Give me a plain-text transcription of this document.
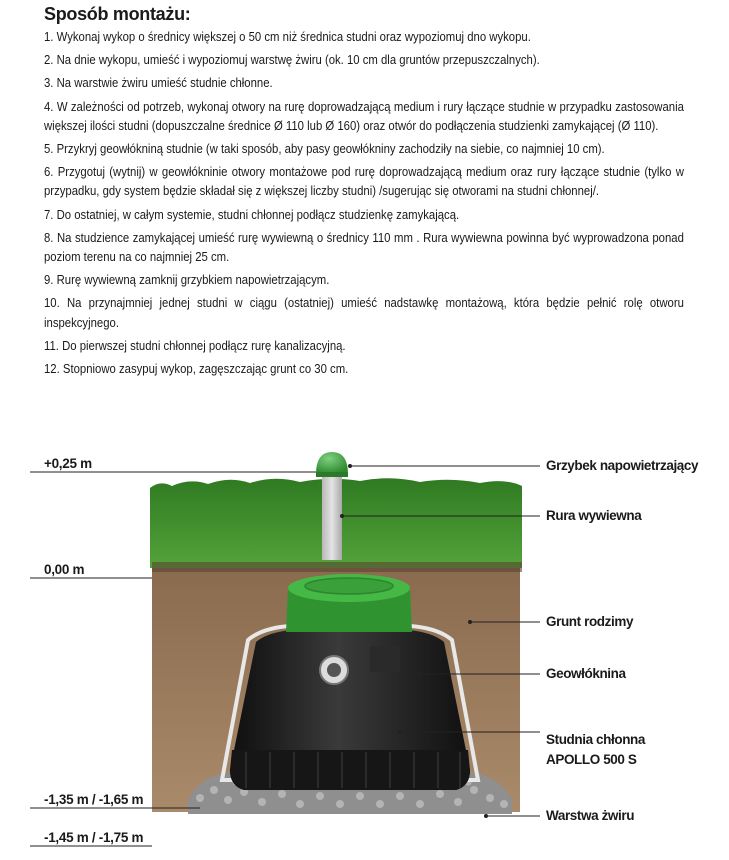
Sposób montażu:

1. Wykonaj wykop o średnicy większej o 50 cm niż średnica studni oraz wypoziomuj dno wykopu.

2. Na dnie wykopu, umieść i wypoziomuj warstwę żwiru (ok. 10 cm dla gruntów przepuszczalnych).

3. Na warstwie żwiru umieść studnie chłonne.

4. W zależności od potrzeb, wykonaj otwory na rurę doprowadzającą medium i rury łączące studnie w przypadku zastosowania większej ilości studni (dopuszczalne średnice Ø 110 lub Ø 160) oraz otwór do podłączenia studzienki zamykającej (Ø 110).

5. Przykryj geowłókniną studnie (w taki sposób, aby pasy geowłókniny zachodziły na siebie, co najmniej 10 cm).

6. Przygotuj (wytnij) w geowłókninie otwory montażowe pod rurę doprowadzającą medium oraz rury łączące studnie (tylko w przypadku, gdy system będzie składał się z większej liczby studni) /sugerując się otworami na studni chłonnej/.

7. Do ostatniej, w całym systemie, studni chłonnej podłącz studzienkę zamykającą.

8. Na studzience zamykającej umieść rurę wywiewną o średnicy 110 mm . Rura wywiewna powinna być wyprowadzona ponad poziom terenu na co najmniej 25 cm.

9. Rurę wywiewną zamknij grzybkiem napowietrzającym.

10. Na przynajmniej jednej studni w ciągu (ostatniej) umieść nadstawkę montażową, która będzie pełnić rolę otworu inspekcyjnego.

11. Do pierwszej studni chłonnej podłącz rurę kanalizacyjną.

12. Stopniowo zasypuj wykop, zagęszczając grunt co 30 cm.

+0,25 m
0,00 m
-1,35 m / -1,65 m
-1,45 m / -1,75 m
Grzybek napowietrzający
Rura wywiewna
Grunt rodzimy
Geowłóknina
Studnia chłonna
APOLLO 500 S
Warstwa żwiru
